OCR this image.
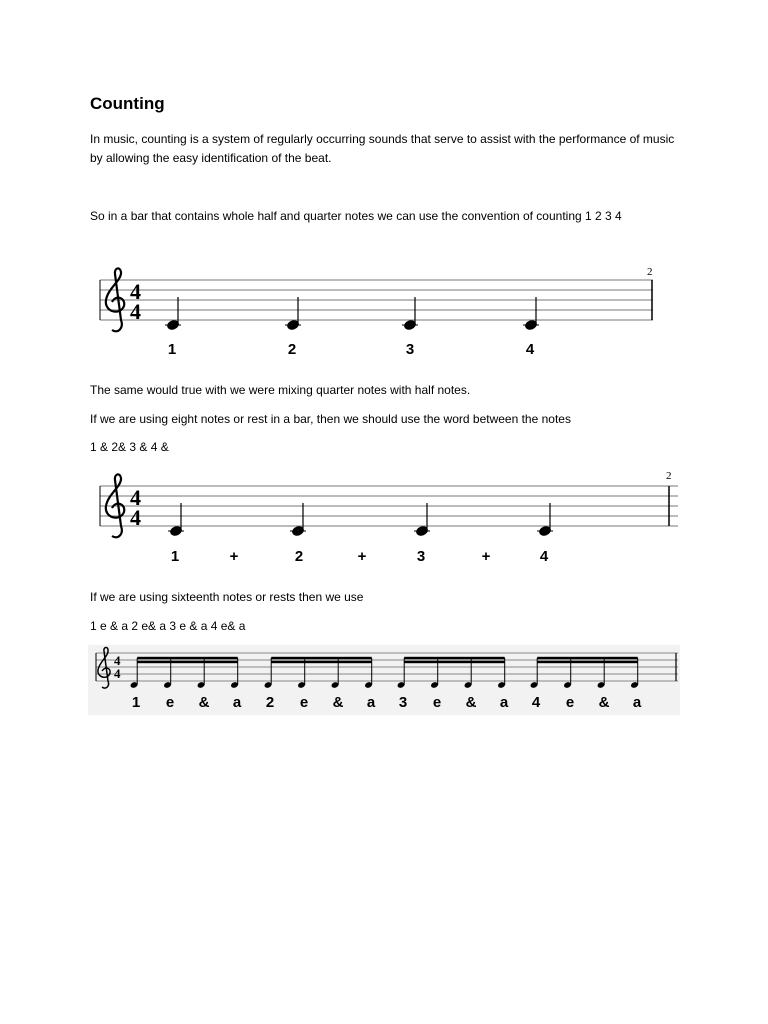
Counting

In music, counting is a system of regularly occurring sounds that serve to assist with the performance of music by allowing the easy identification of the beat.

So in a bar that contains whole half and quarter notes we can use the convention of counting 1 2 3 4

4
4
2
1	2	3	4

The same would true with we were mixing quarter notes with half notes.

If we are using eight notes or rest in a bar, then we should use the word between the notes

1 & 2& 3 & 4 &

4
4
2
1	+	2	+	3	+	4

If we are using sixteenth notes or rests then we use

1 e & a 2 e& a 3 e & a 4 e& a

4
4
1 e & a 2 e & a 3 e & a 4 e & a
